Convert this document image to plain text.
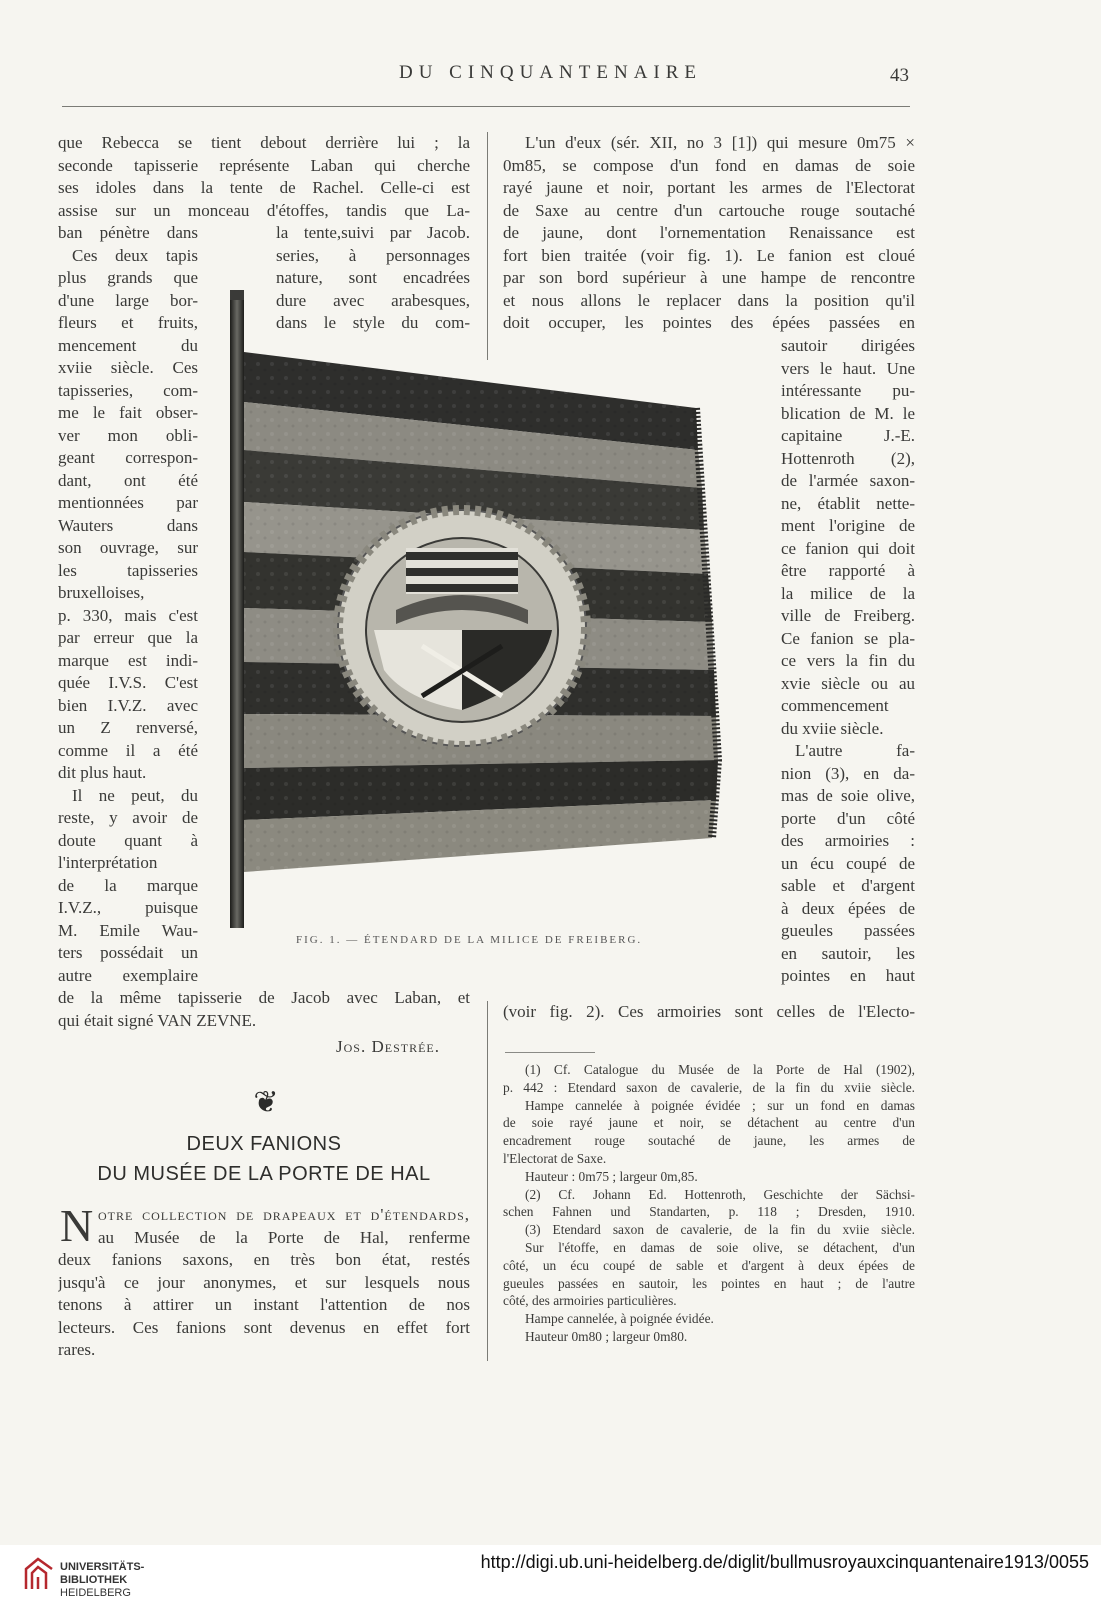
DU CINQUANTENAIRE	43
que Rebecca se tient debout derrière lui ; la
seconde tapisserie représente Laban qui cherche
ses idoles dans la tente de Rachel. Celle-ci est
assise sur un monceau d'étoffes, tandis que La-
ban pénètre dans
Ces deux tapis
plus grands que
d'une large bor-
fleurs et fruits,
mencement du
xviie siècle. Ces
tapisseries, com-
me le fait obser-
ver mon obli-
geant correspon-
dant, ont été
mentionnées par
Wauters dans
son ouvrage, sur
les tapisseries
bruxelloises,
p. 330, mais c'est
par erreur que la
marque est indi-
quée I.V.S. C'est
bien I.V.Z. avec
un Z renversé,
comme il a été
dit plus haut.
Il ne peut, du
reste, y avoir de
doute quant à
l'interprétation
de la marque
I.V.Z., puisque
M. Emile Wau-
ters possédait un
autre exemplaire
la tente,suivi par Jacob.
series, à personnages
nature, sont encadrées
dure avec arabesques,
dans le style du com-
de la même tapisserie de Jacob avec Laban, et
qui était signé VAN ZEVNE.
Jos. Destrée.
❦
DEUX FANIONS
DU MUSÉE DE LA PORTE DE HAL
N otre collection de drapeaux et d'étendards,
au Musée de la Porte de Hal, renferme
deux fanions saxons, en très bon état, restés
jusqu'à ce jour anonymes, et sur lesquels nous
tenons à attirer un instant l'attention de nos
lecteurs. Ces fanions sont devenus en effet fort
rares.
L'un d'eux (sér. XII, no 3 [1]) qui mesure 0m75 ×
0m85, se compose d'un fond en damas de soie
rayé jaune et noir, portant les armes de l'Electorat
de Saxe au centre d'un cartouche rouge soutaché
de jaune, dont l'ornementation Renaissance est
fort bien traitée (voir fig. 1). Le fanion est cloué
par son bord supérieur à une hampe de rencontre
et nous allons le replacer dans la position qu'il
doit occuper, les pointes des épées passées en
sautoir dirigées
vers le haut. Une
intéressante pu-
blication de M. le
capitaine J.-E.
Hottenroth (2),
de l'armée saxon-
ne, établit nette-
ment l'origine de
ce fanion qui doit
être rapporté à
la milice de la
ville de Freiberg.
Ce fanion se pla-
ce vers la fin du
xvie siècle ou au
commencement
du xviie siècle.
L'autre fa-
nion (3), en da-
mas de soie olive,
porte d'un côté
des armoiries :
un écu coupé de
sable et d'argent
à deux épées de
gueules passées
en sautoir, les
pointes en haut
(voir fig. 2). Ces armoiries sont celles de l'Electo-
(1) Cf. Catalogue du Musée de la Porte de Hal (1902),
p. 442 : Etendard saxon de cavalerie, de la fin du xviie siècle.
Hampe cannelée à poignée évidée ; sur un fond en damas
de soie rayé jaune et noir, se détachent au centre d'un
encadrement rouge soutaché de jaune, les armes de
l'Electorat de Saxe.
Hauteur : 0m75 ; largeur 0m,85.
(2) Cf. Johann Ed. Hottenroth, Geschichte der Sächsi-
schen Fahnen und Standarten, p. 118 ; Dresden, 1910.
(3) Etendard saxon de cavalerie, de la fin du xviie siècle.
Sur l'étoffe, en damas de soie olive, se détachent, d'un
côté, un écu coupé de sable et d'argent à deux épées de
gueules passées en sautoir, les pointes en haut ; de l'autre
côté, des armoiries particulières.
Hampe cannelée, à poignée évidée.
Hauteur 0m80 ; largeur 0m80.
FIG. 1. — ÉTENDARD DE LA MILICE DE FREIBERG.
UNIVERSITÄTS-
BIBLIOTHEK
HEIDELBERG
http://digi.ub.uni-heidelberg.de/diglit/bullmusroyauxcinquantenaire1913/0055
